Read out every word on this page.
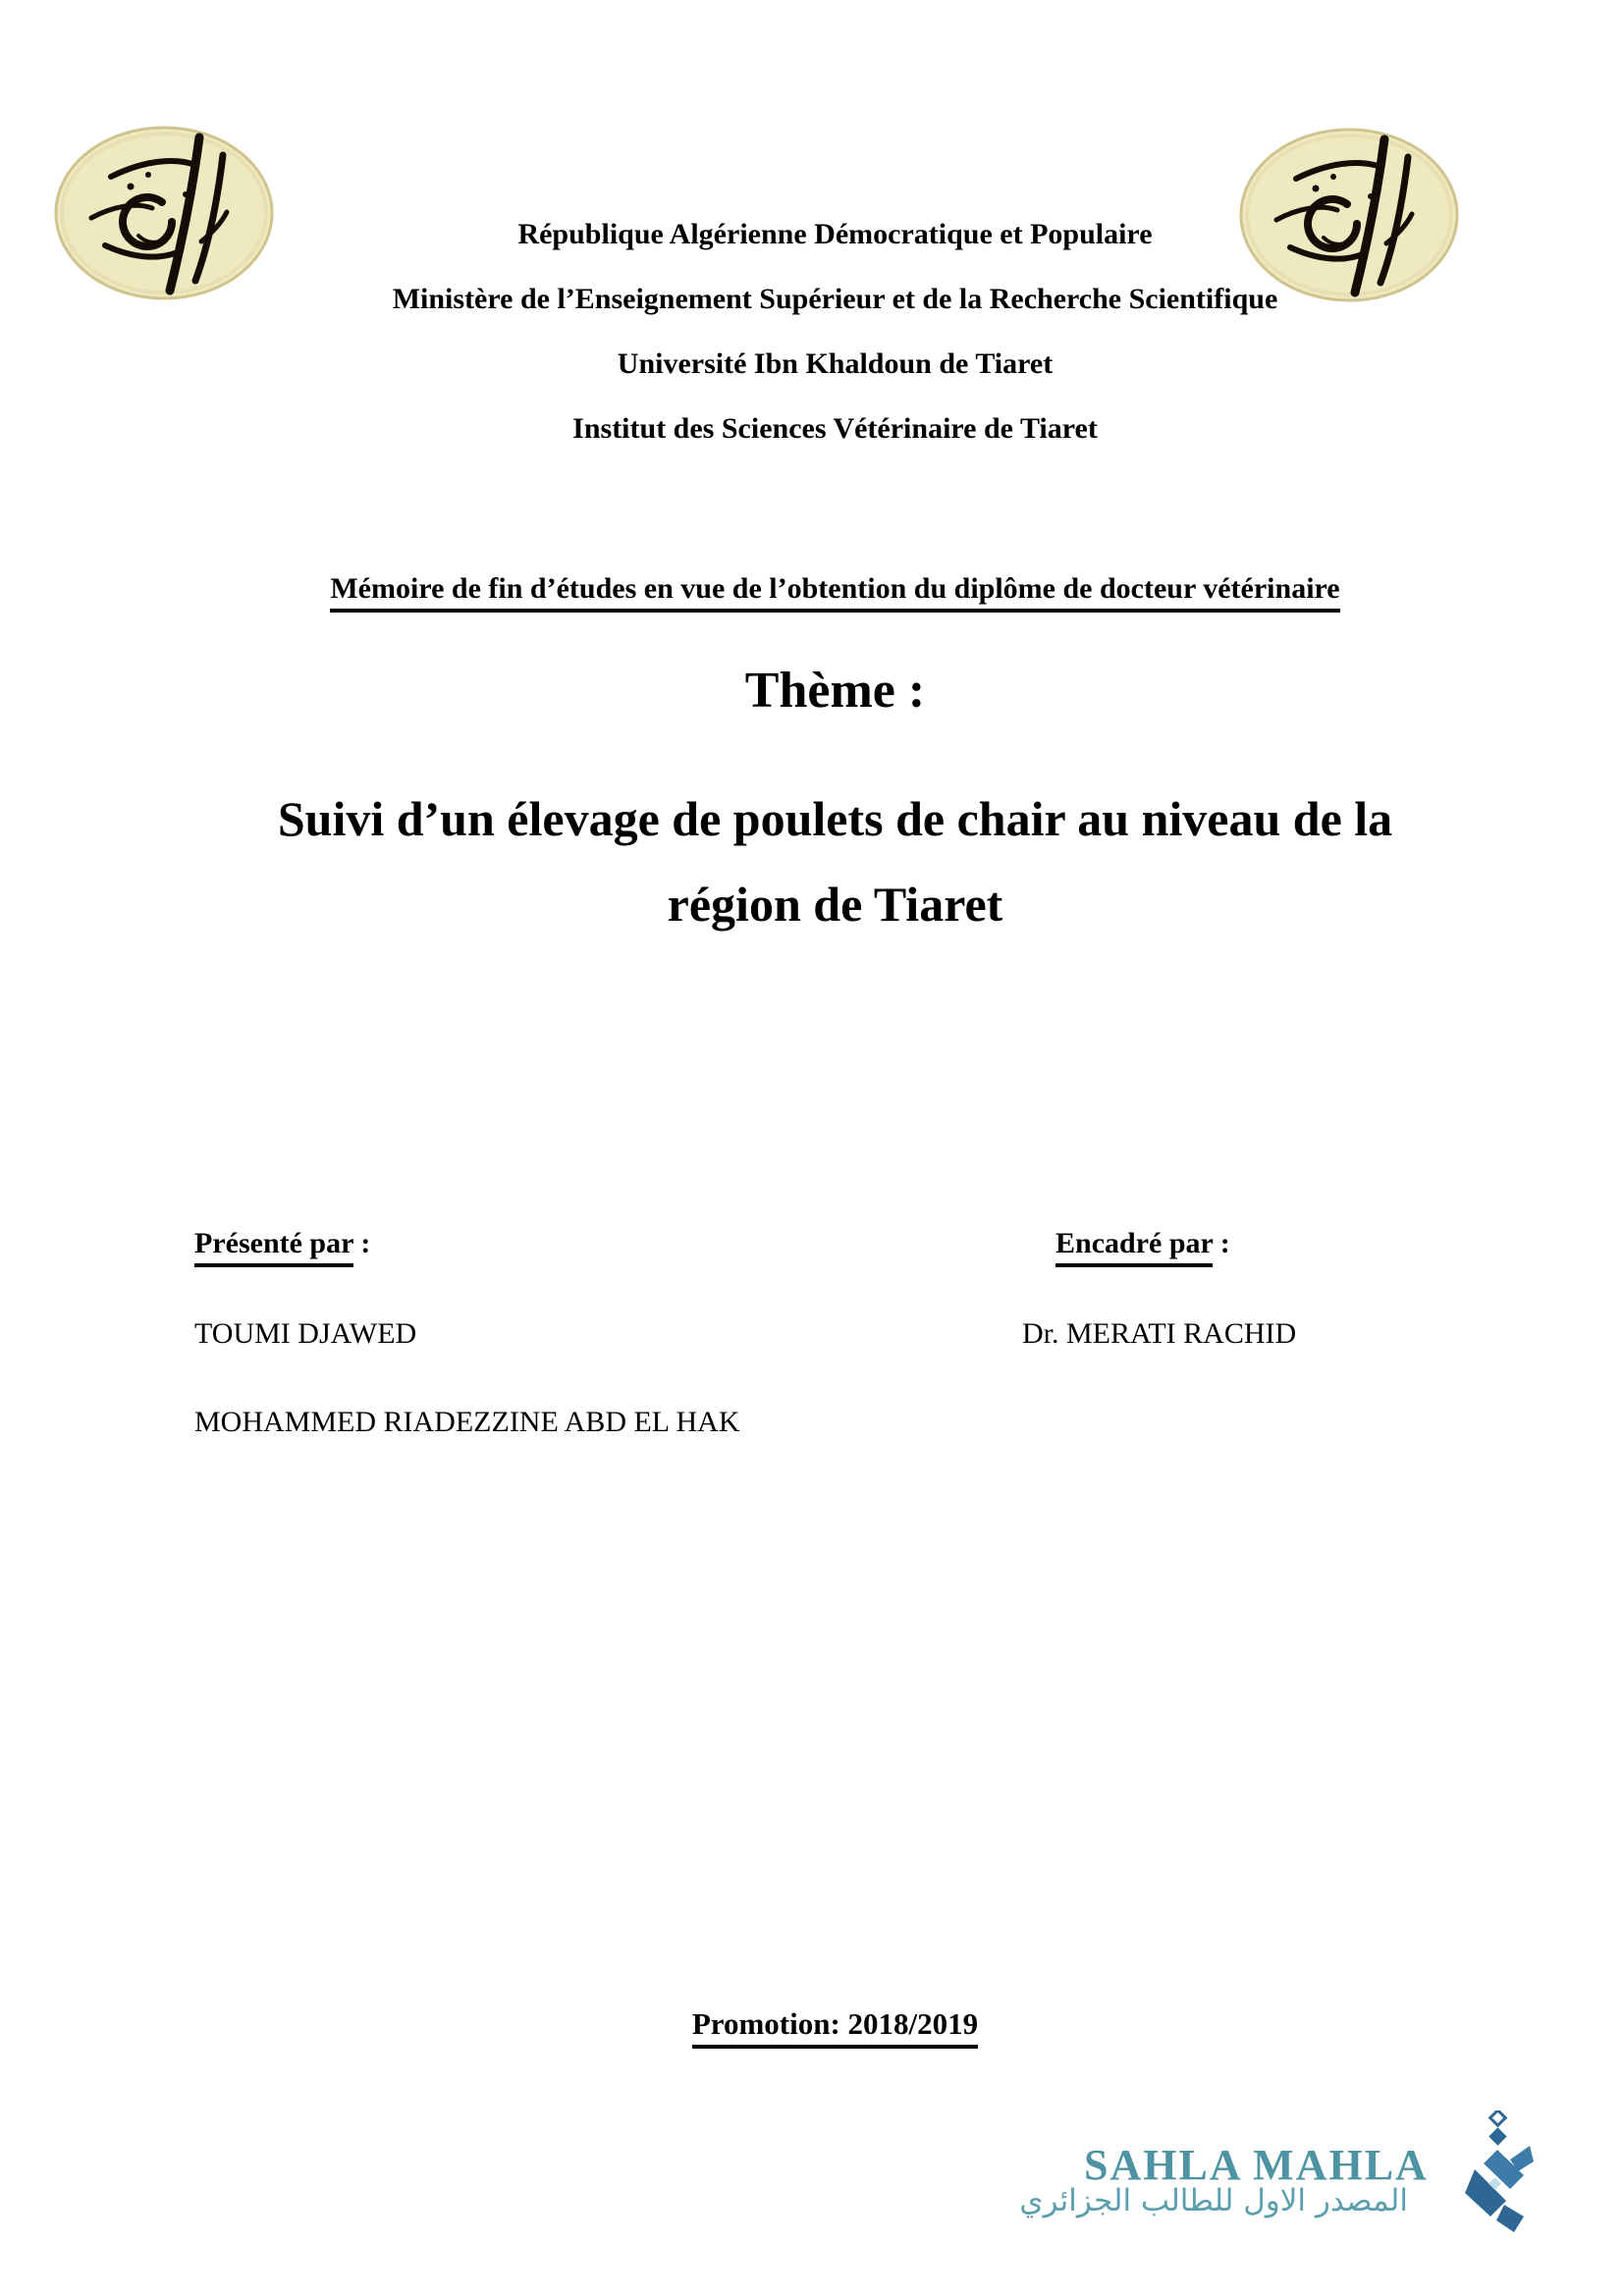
République Algérienne Démocratique et Populaire
Ministère de l’Enseignement Supérieur et de la Recherche Scientifique
Université Ibn Khaldoun de Tiaret
Institut des Sciences Vétérinaire de Tiaret
Mémoire de fin d’études en vue de l’obtention du diplôme de docteur vétérinaire
Thème :
Suivi d’un élevage de poulets de chair au niveau de la
région de Tiaret
Présenté par :	Encadré par :
TOUMI DJAWED	Dr. MERATI RACHID
MOHAMMED RIADEZZINE ABD EL HAK
Promotion: 2018/2019
SAHLA MAHLA
المصدر الاول للطالب الجزائري
